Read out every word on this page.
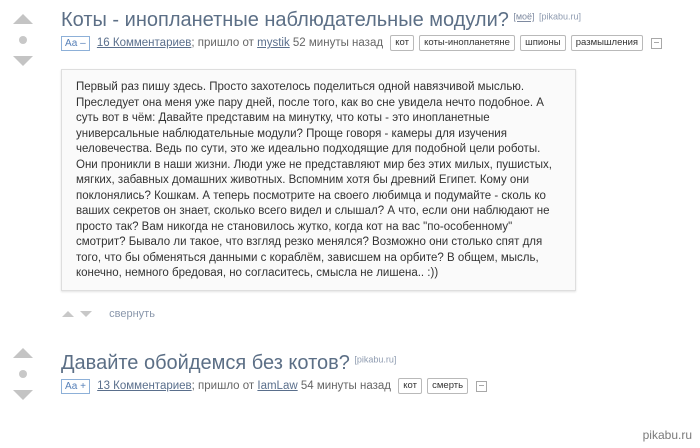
Коты - инопланетные наблюдательные модули? [моё] [pikabu.ru]
Аа – 16 Комментариев; пришло от mystik 52 минуты назад кот коты-инопланетяне шпионы размышления

Первый раз пишу здесь. Просто захотелось поделиться одной навязчивой мыслью. Преследует она меня уже пару дней, после того, как во сне увидела нечто подобное. А суть вот в чём: Давайте представим на минутку, что коты - это инопланетные универсальные наблюдательные модули? Проще говоря - камеры для изучения человечества. Ведь по сути, это же идеально подходящие для подобной цели роботы. Они проникли в наши жизни. Люди уже не представляют мир без этих милых, пушистых, мягких, забавных домашних животных. Вспомним хотя бы древний Египет. Кому они поклонялись? Кошкам. А теперь посмотрите на своего любимца и подумайте - сколь ко ваших секретов он знает, сколько всего видел и слышал? А что, если они наблюдают не просто так? Вам никогда не становилось жутко, когда кот на вас "по-особенному" смотрит? Бывало ли такое, что взгляд резко менялся? Возможно они столько спят для того, что бы обменяться данными с кораблём, зависшем на орбите? В общем, мысль, конечно, немного бредовая, но согласитесь, смысла не лишена.. :))

свернуть
Давайте обойдемся без котов? [pikabu.ru]
Аа + 13 Комментариев; пришло от IamLaw 54 минуты назад кот смерть
pikabu.ru
